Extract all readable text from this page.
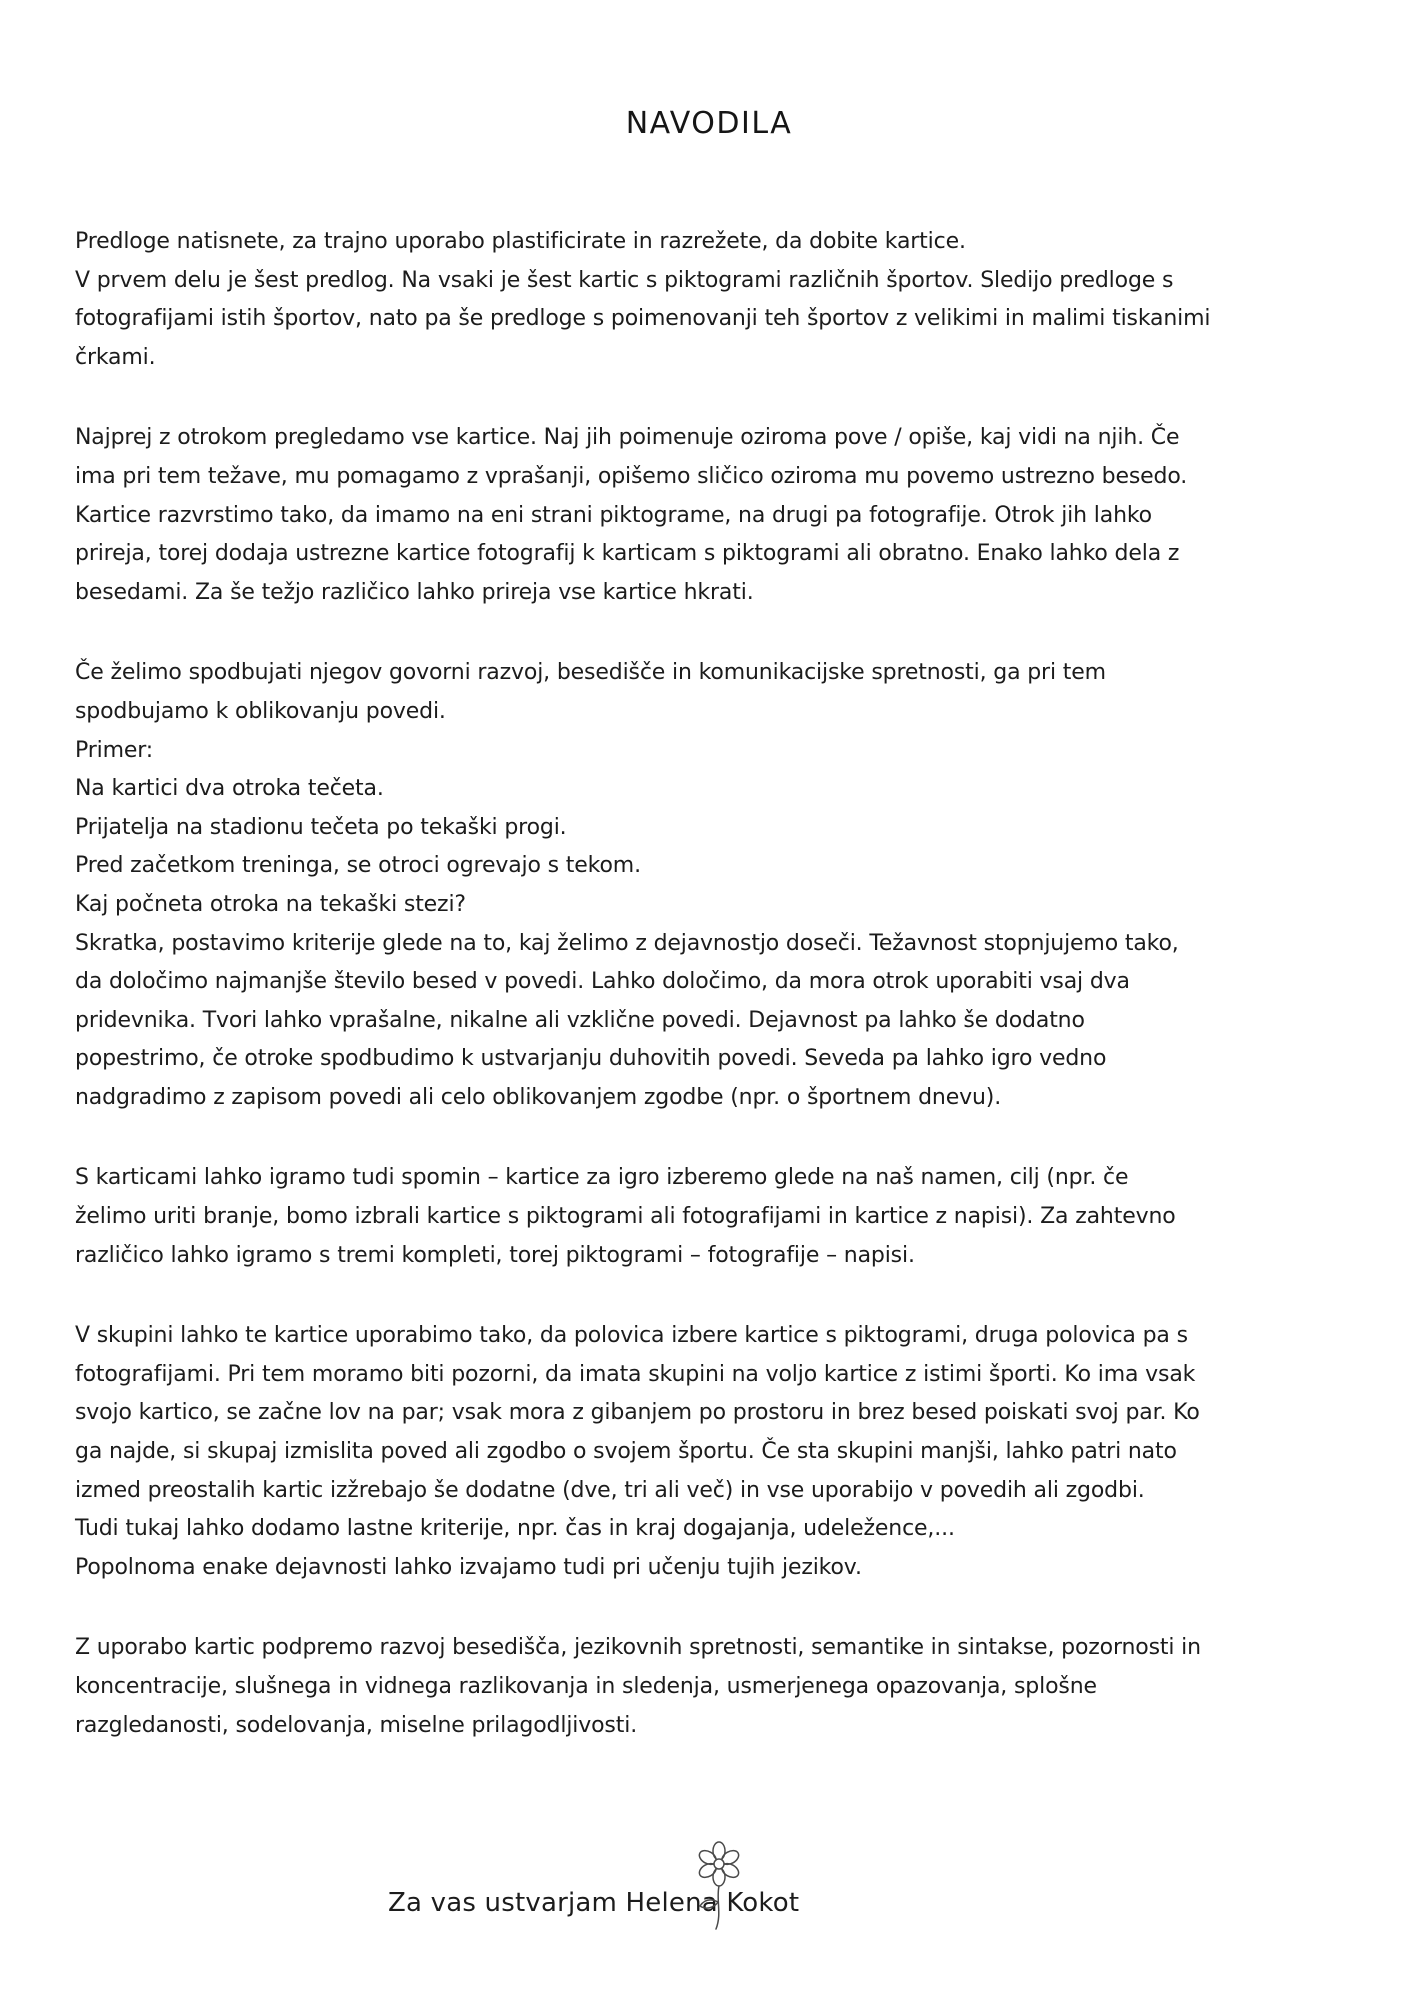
NAVODILA
Predloge natisnete, za trajno uporabo plastificirate in razrežete, da dobite kartice.
V prvem delu je šest predlog. Na vsaki je šest kartic s piktogrami različnih športov. Sledijo predloge s
fotografijami istih športov, nato pa še predloge s poimenovanji teh športov z velikimi in malimi tiskanimi
črkami.
Najprej z otrokom pregledamo vse kartice. Naj jih poimenuje oziroma pove / opiše, kaj vidi na njih. Če
ima pri tem težave, mu pomagamo z vprašanji, opišemo sličico oziroma mu povemo ustrezno besedo.
Kartice razvrstimo tako, da imamo na eni strani piktograme, na drugi pa fotografije. Otrok jih lahko
prireja, torej dodaja ustrezne kartice fotografij k karticam s piktogrami ali obratno. Enako lahko dela z
besedami. Za še težjo različico lahko prireja vse kartice hkrati.
Če želimo spodbujati njegov govorni razvoj, besedišče in komunikacijske spretnosti, ga pri tem
spodbujamo k oblikovanju povedi.
Primer:
Na kartici dva otroka tečeta.
Prijatelja na stadionu tečeta po tekaški progi.
Pred začetkom treninga, se otroci ogrevajo s tekom.
Kaj počneta otroka na tekaški stezi?
Skratka, postavimo kriterije glede na to, kaj želimo z dejavnostjo doseči. Težavnost stopnjujemo tako,
da določimo najmanjše število besed v povedi. Lahko določimo, da mora otrok uporabiti vsaj dva
pridevnika. Tvori lahko vprašalne, nikalne ali vzklične povedi. Dejavnost pa lahko še dodatno
popestrimo, če otroke spodbudimo k ustvarjanju duhovitih povedi. Seveda pa lahko igro vedno
nadgradimo z zapisom povedi ali celo oblikovanjem zgodbe (npr. o športnem dnevu).
S karticami lahko igramo tudi spomin – kartice za igro izberemo glede na naš namen, cilj (npr. če
želimo uriti branje, bomo izbrali kartice s piktogrami ali fotografijami in kartice z napisi). Za zahtevno
različico lahko igramo s tremi kompleti, torej piktogrami – fotografije – napisi.
V skupini lahko te kartice uporabimo tako, da polovica izbere kartice s piktogrami, druga polovica pa s
fotografijami. Pri tem moramo biti pozorni, da imata skupini na voljo kartice z istimi športi. Ko ima vsak
svojo kartico, se začne lov na par; vsak mora z gibanjem po prostoru in brez besed poiskati svoj par. Ko
ga najde, si skupaj izmislita poved ali zgodbo o svojem športu. Če sta skupini manjši, lahko patri nato
izmed preostalih kartic izžrebajo še dodatne (dve, tri ali več) in vse uporabijo v povedih ali zgodbi.
Tudi tukaj lahko dodamo lastne kriterije, npr. čas in kraj dogajanja, udeležence,...
Popolnoma enake dejavnosti lahko izvajamo tudi pri učenju tujih jezikov.
Z uporabo kartic podpremo razvoj besedišča, jezikovnih spretnosti, semantike in sintakse, pozornosti in
koncentracije, slušnega in vidnega razlikovanja in sledenja, usmerjenega opazovanja, splošne
razgledanosti, sodelovanja, miselne prilagodljivosti.
Za vas ustvarjam Helena Kokot
